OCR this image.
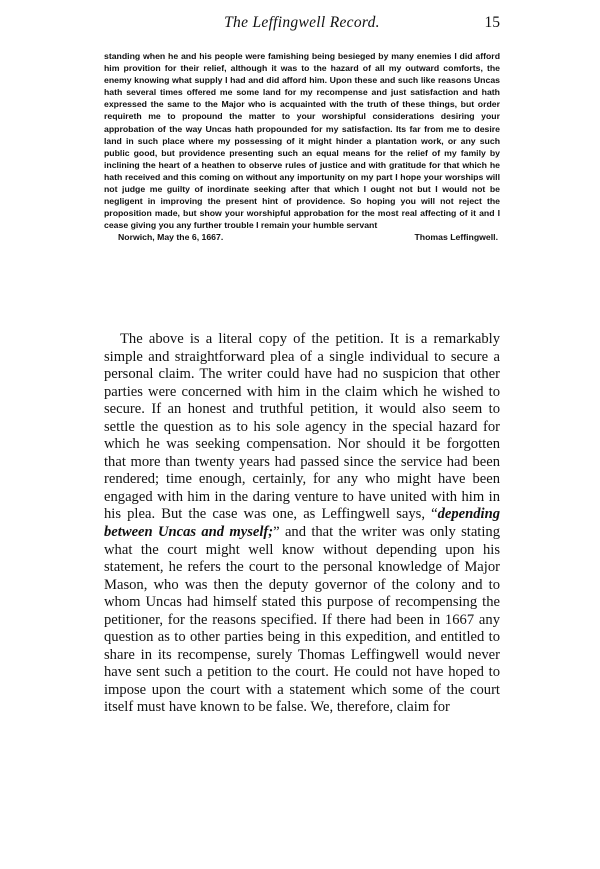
The Leffingwell Record.	15
standing when he and his people were famishing being besieged by many enemies I did afford him provition for their relief, although it was to the hazard of all my outward comforts, the enemy knowing what supply I had and did afford him. Upon these and such like reasons Uncas hath several times offered me some land for my recompense and just satisfaction and hath expressed the same to the Major who is acquainted with the truth of these things, but order requireth me to propound the matter to your worshipful considerations desiring your approbation of the way Uncas hath propounded for my satisfaction. Its far from me to desire land in such place where my possessing of it might hinder a plantation work, or any such public good, but providence presenting such an equal means for the relief of my family by inclining the heart of a heathen to observe rules of justice and with gratitude for that which he hath received and this coming on without any importunity on my part I hope your worships will not judge me guilty of inordinate seeking after that which I ought not but I would not be negligent in improving the present hint of providence. So hoping you will not reject the proposition made, but show your worshipful approbation for the most real affecting of it and I cease giving you any further trouble I remain your humble servant
Norwich, May the 6, 1667.	Thomas Leffingwell.

The above is a literal copy of the petition. It is a remarkably simple and straightforward plea of a single individual to secure a personal claim. The writer could have had no suspicion that other parties were concerned with him in the claim which he wished to secure. If an honest and truthful petition, it would also seem to settle the question as to his sole agency in the special hazard for which he was seeking compensation. Nor should it be forgotten that more than twenty years had passed since the service had been rendered; time enough, certainly, for any who might have been engaged with him in the daring venture to have united with him in his plea. But the case was one, as Leffingwell says, “depending between Uncas and myself;” and that the writer was only stating what the court might well know without depending upon his statement, he refers the court to the personal knowledge of Major Mason, who was then the deputy governor of the colony and to whom Uncas had himself stated this purpose of recompensing the petitioner, for the reasons specified. If there had been in 1667 any question as to other parties being in this expedition, and entitled to share in its recompense, surely Thomas Leffingwell would never have sent such a petition to the court. He could not have hoped to impose upon the court with a statement which some of the court itself must have known to be false. We, therefore, claim for
